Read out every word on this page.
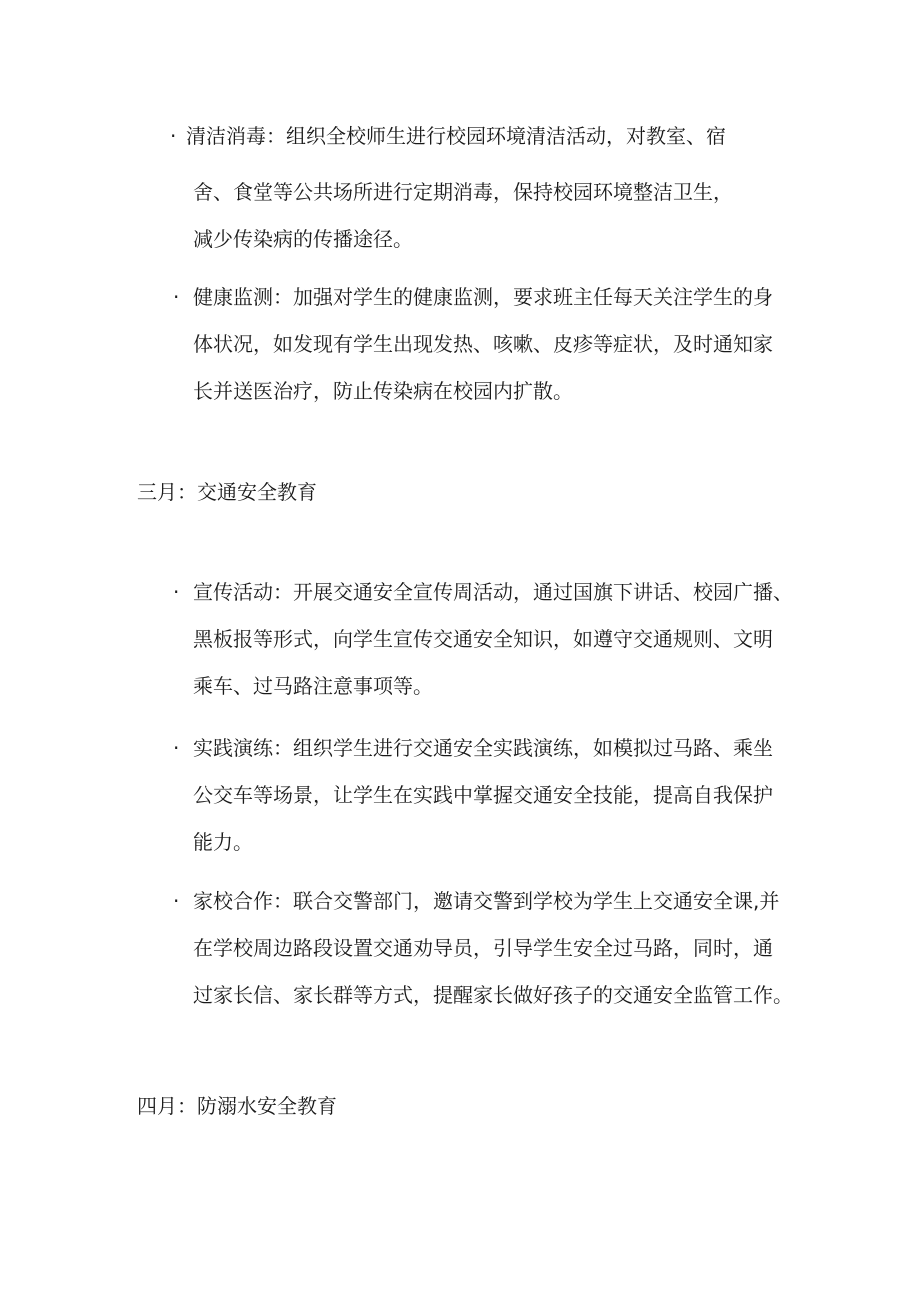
· 清洁消毒：组织全校师生进行校园环境清洁活动，对教室、宿
舍、食堂等公共场所进行定期消毒，保持校园环境整洁卫生，
减少传染病的传播途径。
· 健康监测：加强对学生的健康监测，要求班主任每天关注学生的身
体状况，如发现有学生出现发热、咳嗽、皮疹等症状，及时通知家
长并送医治疗，防止传染病在校园内扩散。
三月：交通安全教育
· 宣传活动：开展交通安全宣传周活动，通过国旗下讲话、校园广播、
黑板报等形式，向学生宣传交通安全知识，如遵守交通规则、文明
乘车、过马路注意事项等。
· 实践演练：组织学生进行交通安全实践演练，如模拟过马路、乘坐
公交车等场景，让学生在实践中掌握交通安全技能，提高自我保护
能力。
· 家校合作：联合交警部门，邀请交警到学校为学生上交通安全课,并
在学校周边路段设置交通劝导员，引导学生安全过马路，同时，通
过家长信、家长群等方式，提醒家长做好孩子的交通安全监管工作。
四月：防溺水安全教育
